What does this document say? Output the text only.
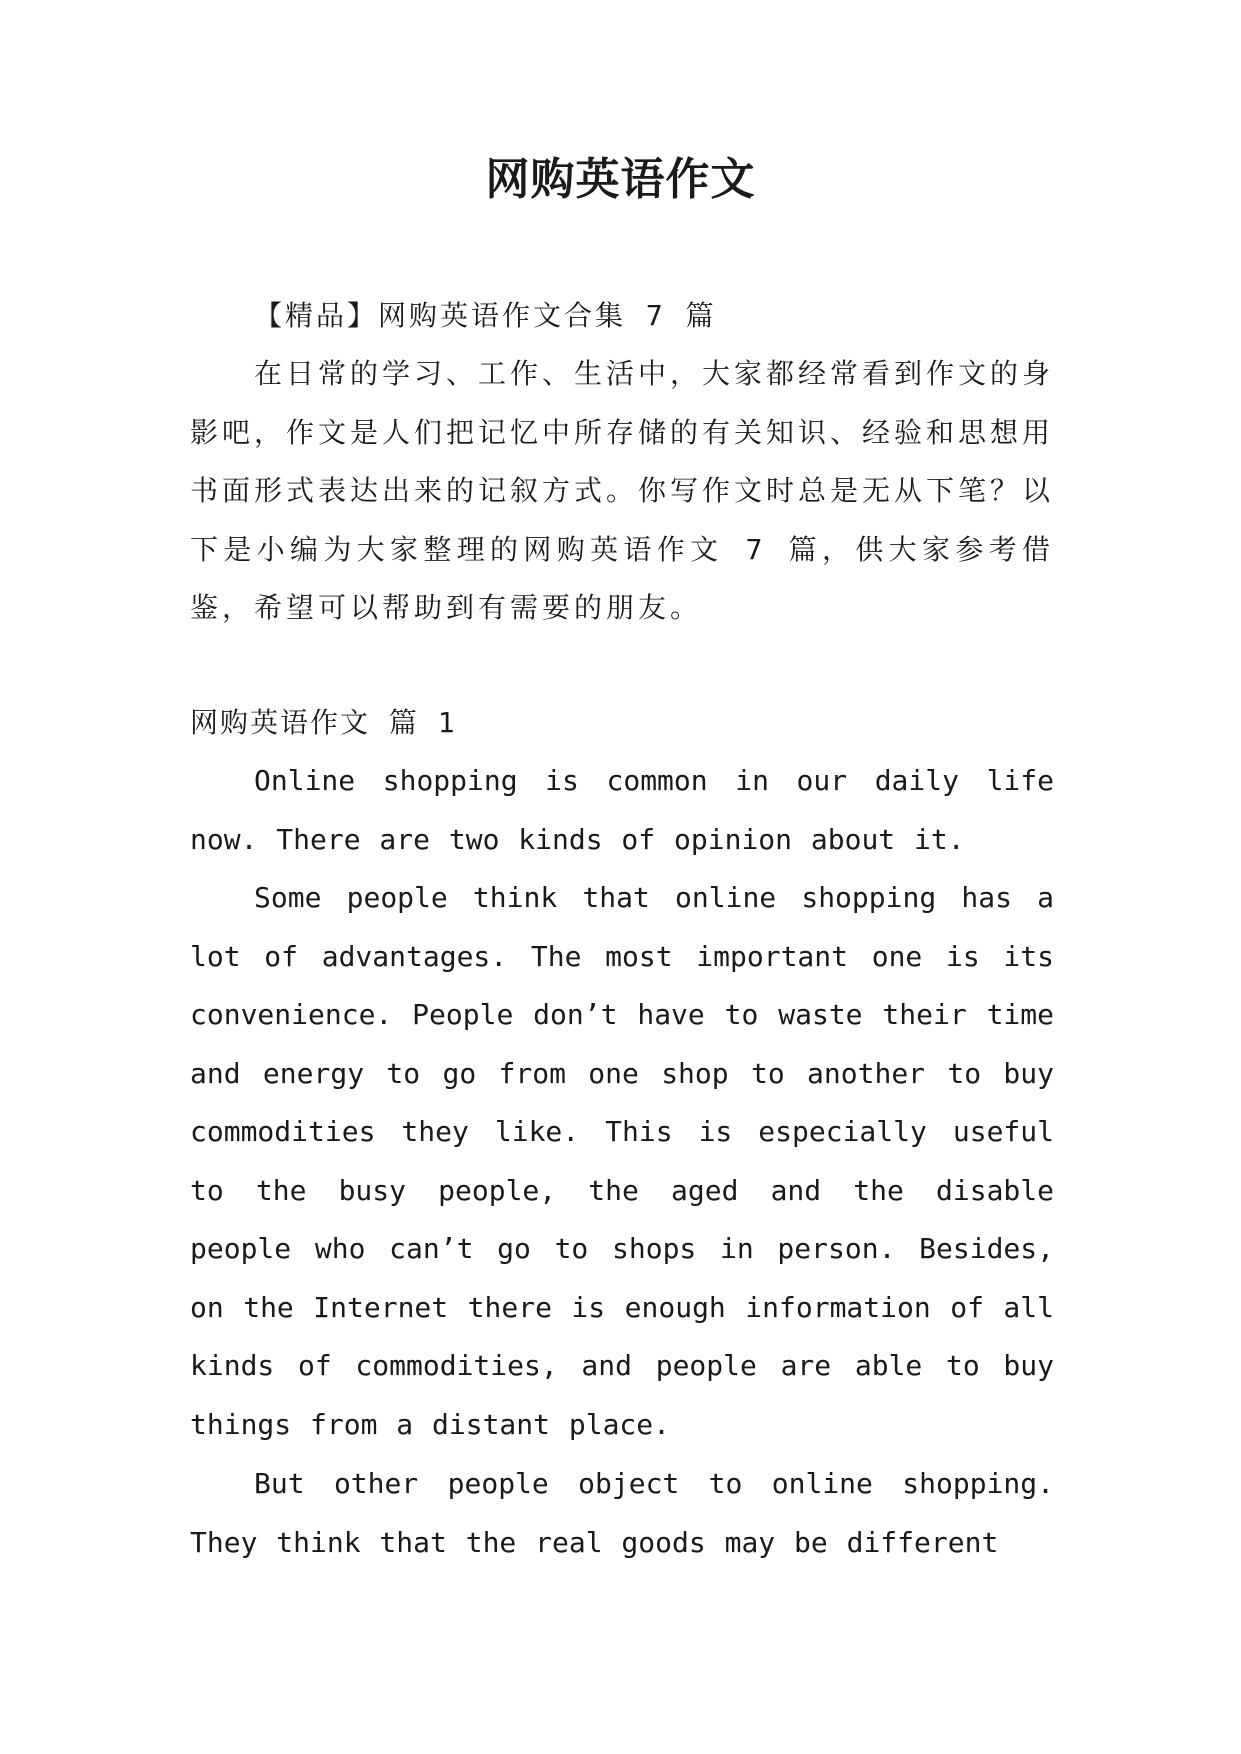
网购英语作文
【精品】网购英语作文合集 7 篇

在日常的学习、工作、生活中，大家都经常看到作文的身影吧，作文是人们把记忆中所存储的有关知识、经验和思想用书面形式表达出来的记叙方式。你写作文时总是无从下笔？以下是小编为大家整理的网购英语作文 7 篇，供大家参考借鉴，希望可以帮助到有需要的朋友。

网购英语作文 篇 1

Online shopping is common in our daily life now. There are two kinds of opinion about it.

Some people think that online shopping has a lot of advantages. The most important one is its convenience. People don’t have to waste their time and energy to go from one shop to another to buy commodities they like. This is especially useful to the busy people, the aged and the disable people who can’t go to shops in person. Besides, on the Internet there is enough information of all kinds of commodities, and people are able to buy things from a distant place.

But other people object to online shopping. They think that the real goods may be different
